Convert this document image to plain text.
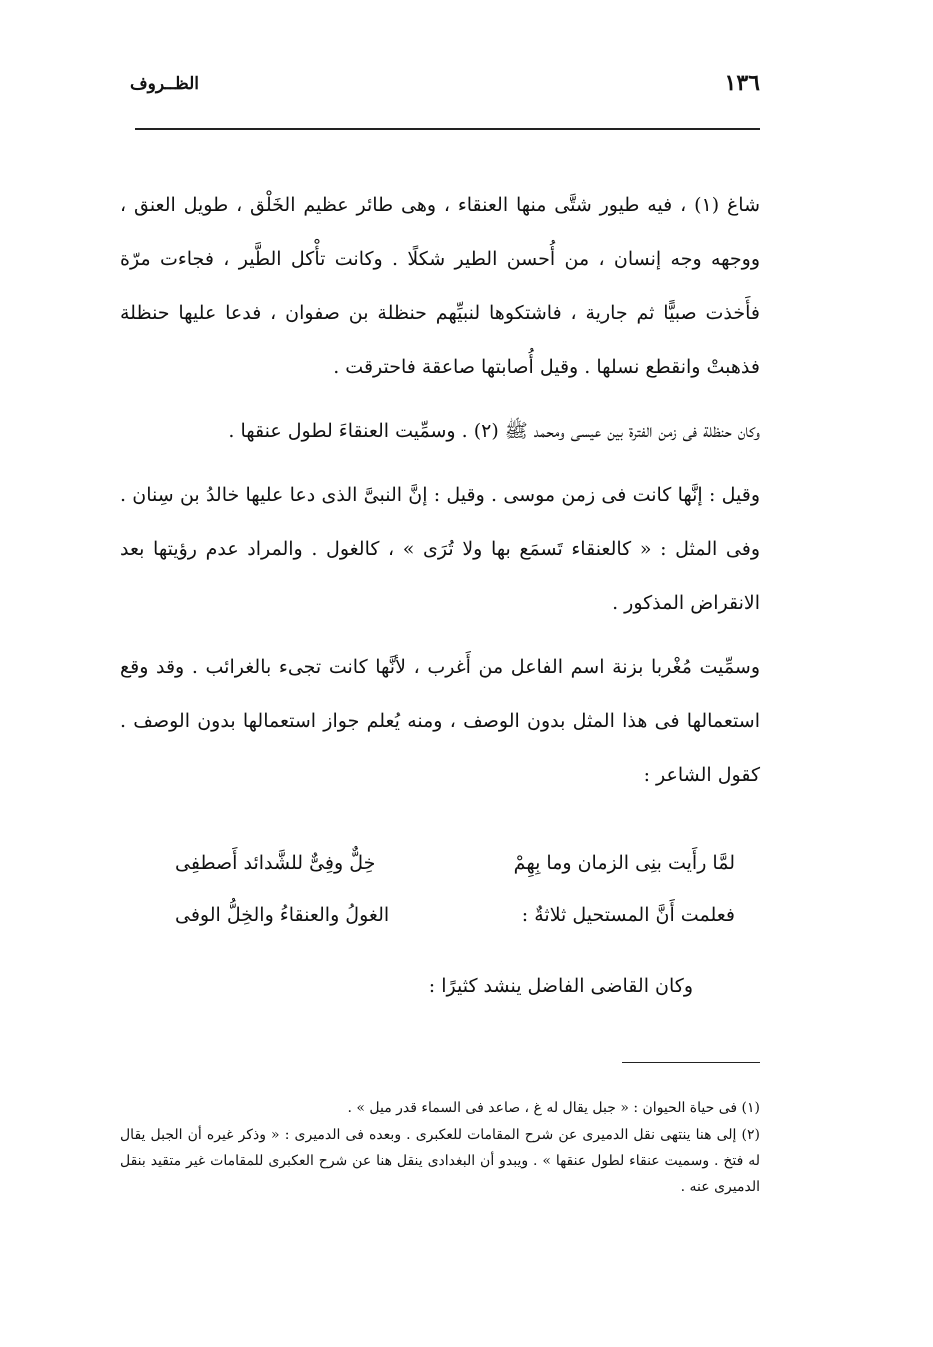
١٣٦
الظــروف

شاغ (١) ، فيه طيور شتَّى منها العنقاء ، وهى طائر عظيم الخَلْق ، طويل العنق ، ووجهه وجه إنسان ، من أُحسن الطير شكلًا . وكانت تأْكل الطَّير ، فجاءت مرّة فأَخذت صبيًّا ثم جارية ، فاشتكوها لنبيِّهم حنظلة بن صفوان ، فدعا عليها حنظلة فذهبتْ وانقطع نسلها . وقيل أُصابتها صاعقة فاحترقت .

وكان حنظلة فى زمن الفترة بين عيسى ومحمد ﷺ (٢) . وسمِّيت العنقاءَ لطول عنقها .

وقيل : إنَّها كانت فى زمن موسى . وقيل : إنَّ النبىَّ الذى دعا عليها خالدُ بن سِنان . وفى المثل : « كالعنقاء تَسمَع بها ولا تُرَى » ، كالغول . والمراد عدم رؤيتها بعد الانقراض المذكور .

وسمِّيت مُغْربا بزنة اسم الفاعل من أَغرب ، لأنَّها كانت تجىء بالغرائب . وقد وقع استعمالها فى هذا المثل بدون الوصف ، ومنه يُعلم جواز استعمالها بدون الوصف . كقول الشاعر :

لمَّا رأَيت بنِى الزمان وما بِهِمْ
خِلٌّ وفِىٌّ للشَّدائد أَصطفِى
فعلمت أَنَّ المستحيل ثلاثةٌ :
الغولُ والعنقاءُ والخِلُّ الوفى

وكان القاضى الفاضل ينشد كثيرًا :

(١) فى حياة الحيوان : « جبل يقال له غ ، صاعد فى السماء قدر ميل » .

(٢) إلى هنا ينتهى نقل الدميرى عن شرح المقامات للعكبرى . وبعده فى الدميرى : « وذكر غيره أن الجبل يقال له فتخ . وسميت عنقاء لطول عنقها » . ويبدو أن البغدادى ينقل هنا عن شرح العكبرى للمقامات غير متقيد بنقل الدميرى عنه .
